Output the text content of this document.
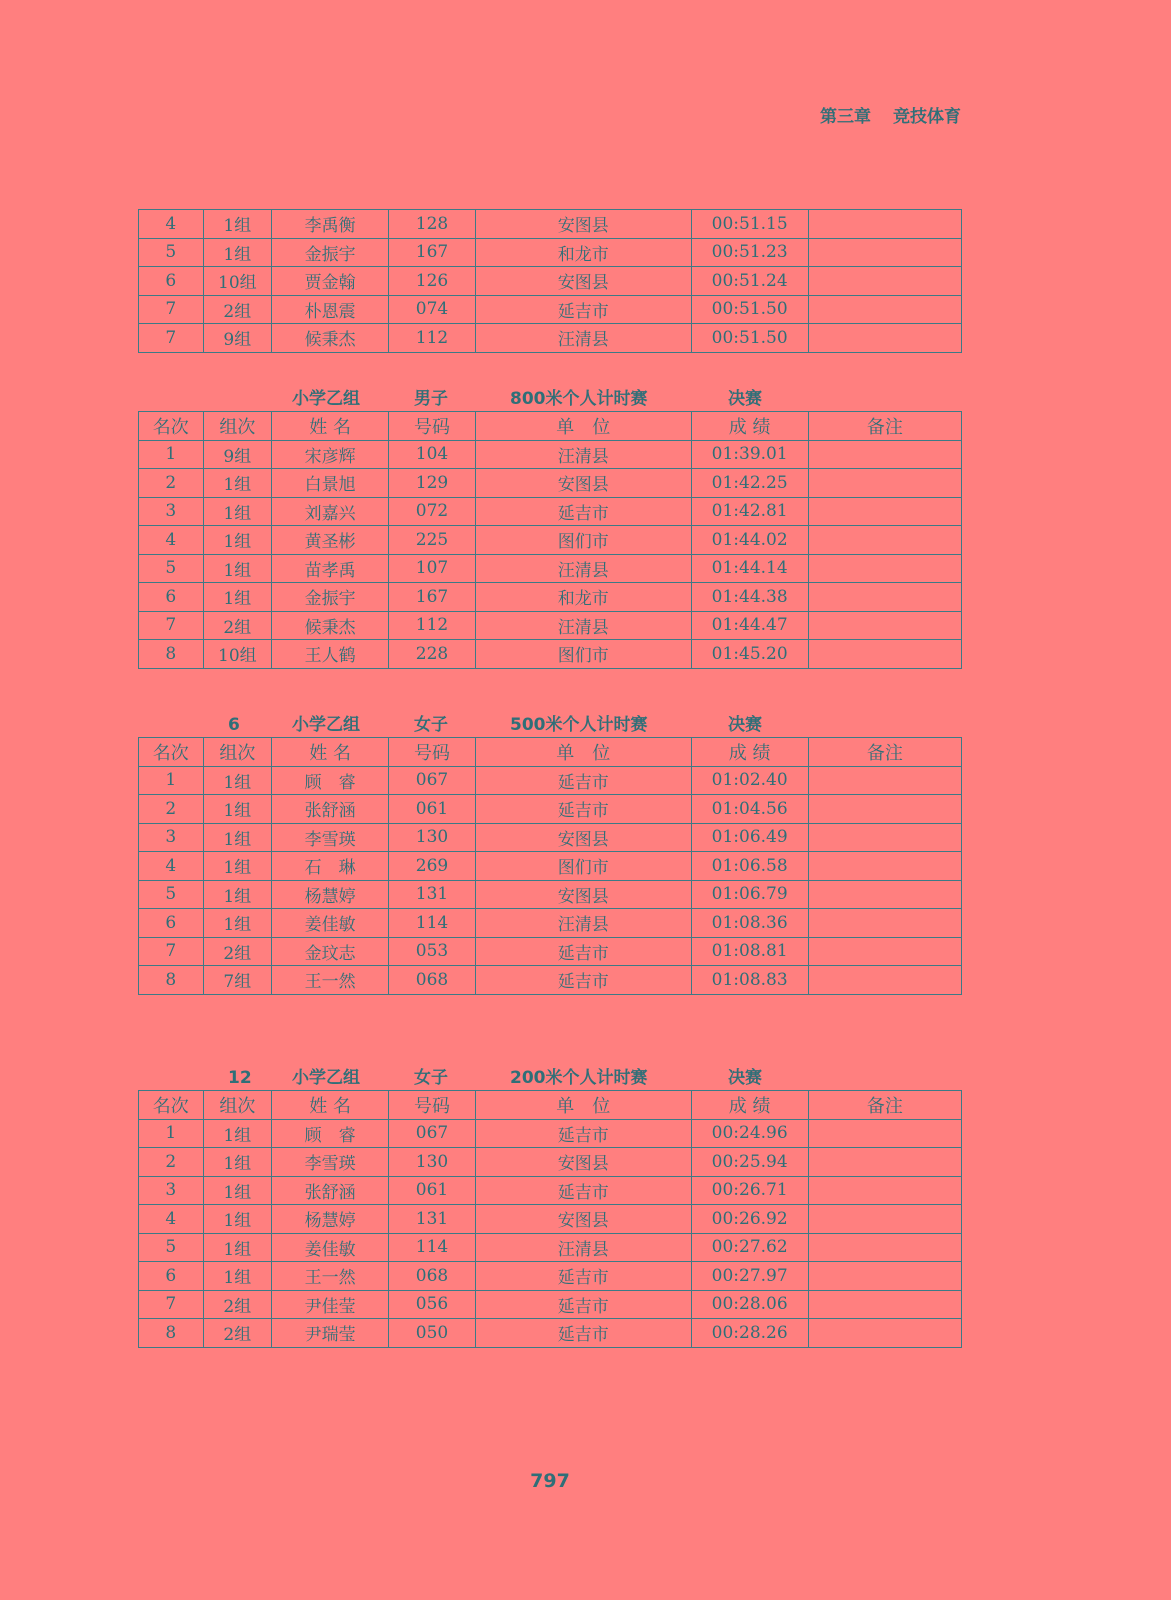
第三章 竞技体育
4	1组	李禹衡	128	安图县	00:51.15	
5	1组	金振宇	167	和龙市	00:51.23	
6	10组	贾金翰	126	安图县	00:51.24	
7	2组	朴恩震	074	延吉市	00:51.50	
7	9组	候秉杰	112	汪清县	00:51.50	
小学乙组	男子	800米个人计时赛	决赛
名次	组次	姓 名	号码	单　位	成 绩	备注
1	9组	宋彦辉	104	汪清县	01:39.01	
2	1组	白景旭	129	安图县	01:42.25	
3	1组	刘嘉兴	072	延吉市	01:42.81	
4	1组	黄圣彬	225	图们市	01:44.02	
5	1组	苗孝禹	107	汪清县	01:44.14	
6	1组	金振宇	167	和龙市	01:44.38	
7	2组	候秉杰	112	汪清县	01:44.47	
8	10组	王人鹤	228	图们市	01:45.20	
6	小学乙组	女子	500米个人计时赛	决赛
名次	组次	姓 名	号码	单　位	成 绩	备注
1	1组	顾　睿	067	延吉市	01:02.40	
2	1组	张舒涵	061	延吉市	01:04.56	
3	1组	李雪瑛	130	安图县	01:06.49	
4	1组	石　琳	269	图们市	01:06.58	
5	1组	杨慧婷	131	安图县	01:06.79	
6	1组	姜佳敏	114	汪清县	01:08.36	
7	2组	金玟志	053	延吉市	01:08.81	
8	7组	王一然	068	延吉市	01:08.83	
12 小学乙组	女子	200米个人计时赛	决赛
名次	组次	姓 名	号码	单　位	成 绩	备注
1	1组	顾　睿	067	延吉市	00:24.96	
2	1组	李雪瑛	130	安图县	00:25.94	
3	1组	张舒涵	061	延吉市	00:26.71	
4	1组	杨慧婷	131	安图县	00:26.92	
5	1组	姜佳敏	114	汪清县	00:27.62	
6	1组	王一然	068	延吉市	00:27.97	
7	2组	尹佳莹	056	延吉市	00:28.06	
8	2组	尹瑞莹	050	延吉市	00:28.26	
797
